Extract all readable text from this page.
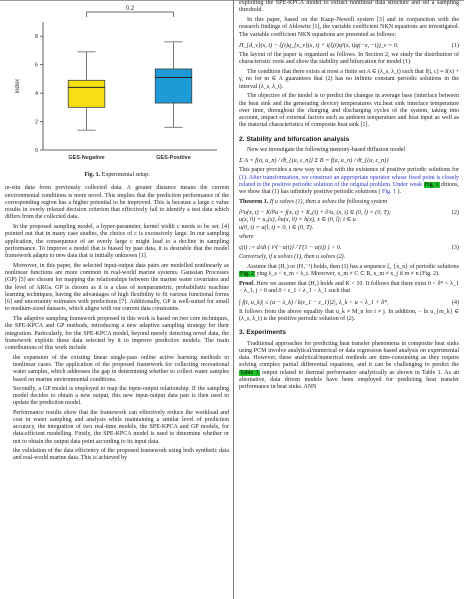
0
2
4
6
8
index
GES-Negative	GES-Positive
0.2
Fig. 1. Experimental setup.

in-situ data from previously collected data. A greater distance means the current environmental conditions is more novel. This implies that the prediction performance of the corresponding region has a higher potential to be improved. This is because a large c value results in overly relaxed decision criterion that effectively fail to identify a test data which differs from the collected data.

In the proposed sampling model, a hyper-parameter, kernel width c needs to be set. [4] pointed out that in many case studies, the choice of c is excessively large. In our sampling application, the consequence of an overly large c might lead to a decline in sampling performance. To improve a model that is biased by past data, it is desirable that the model framework adapts to new data that is initially unknown [1].

Moreover, in this paper, the selected input-output data pairs are modelled nonlinearly as nonlinear functions are more common in real-world marine systems. Gaussian Processes (GP) [5] are chosen for mapping the relationships between the marine water covariates and the level of ARGs. GP is chosen as it is a class of nonparametric, probabilistic machine learning techniques, having the advantages of high flexibility to fit various functional forms [6] and uncertainty estimates with predictions [7]. Additionally, GP is well-suited for small to medium-sized datasets, which aligns with our current data constraints.

The adaptive sampling framework proposed in this work is based on two core techniques, the SPE-KPCA and GP methods, introducing a new adaptive sampling strategy for their integration. Particularly, for the SPE-KPCA model, beyond merely detecting novel data, the framework exploits these data selected by it to improve predictive models. The main contributions of this work include

• the expansion of the existing linear single-pass online active learning methods to nonlinear cases. The application of the proposed framework for collecting recreational water samples, which addresses the gap in determining whether to collect water samples based on marine environmental conditions.
• Secondly, a GP model is employed to map the input-output relationship. If the sampling model decides to obtain a new output, this new input-output data pair is then used to update the prediction model.
• Performance results show that the framework can effectively reduce the workload and cost in water sampling and analysis while maintaining a similar level of prediction accuracy, the integration of two real-time models, the SPE-KPCA and GP models, for data-efficient modelling. Firstly, the SPE-KPCA model is used to determine whether or not to obtain the output data point according to its input data.
• the validation of the data efficiency of the proposed framework using both synthetic data and real-world marine data. This is achieved by

exploiting the SPE-KPCA model to extract nonlinear data structure and set a sampling threshold.

In this paper, based on the Kaup–Newell system [3] and in conjunction with the research findings of Ablowitz [1], the variable coefficient NKN equations are investigated. The variable coefficient NKN equations are presented as follows:

Π_{d_v}(x, t) − ξ(t)q_{x_v}(x, t) + i(ξ(t)q²(x, t)q(−x, −t))_v = 0.	(1)

The layout of the paper is organized as follows. In Section 2, we study the distribution of characteristic roots and show the stability and bifurcation for model (1).

The condition that there exists at most a finite set A ∈ (λ_s, λ_t) such that f(t, c) ≡ f(x) + γ, no for m ∈ A guarantees that (2) has no infinite constant periodic solutions in the interval (λ_s, λ_t).

The objective of the model is to predict the changes in average base (interface between the heat sink and the generating device) temperatures viz.heat sink interface temperature over time, throughout the charging and discharging cycles of the system, taking into account, impact of external factors such as ambient temperature and heat input as well as the material characteristics of composite heat sink [1].

2. Stability and bifurcation analysis

Now we investigate the following memory-based diffusion model

Σ A = f(a, u_n) / ϑt_{(a, ε_n)} Σ B = f(a, u_n) / ϑt_{(a, ε_n)}

This paper provides a new way to deal with the existence of positive periodic solutions for (1). After transformation, we construct an appropriate operator whose fixed point is closely related to the positive periodic solution of the original problem. Under weak Fig. 1 ditions, we show that (1) has infinitely positive periodic solutions ( Fig. 1 ).

Theorem 1. If u solves (1), then u solves the following system

∂²u(x, t) − Kϑ²u = f(x, t) + K₂(t) + ∂²u, (x, t) ∈ (0, l) × (0, T);
u(x, 0) = u₀(x), ∂u(x, 0) = h(x), x ∈ (0, l); t ∈ u
u(0, t) = u(l, t) = 0, t ∈ (0, T).
(2)

where

ς(t) := d/dt ( t^{−α(t)} / Γ(1 − α(t)) ) > 0.	(3)

Conversely, if u solves (1), then u solves (2).

Assume that (H₁) or (H₁⁻¹) holds, then (1) has a sequence ξ₁ {x_n} of periodic solutions Fig. 2 ying λ_s < x_m < λ_t. Moreover, x_m ≠ C ⊂ R, x_m ≠ x_j if m ≠ n (Fig. 2).

Proof. Here we assume that (H₁) holds and K < 10. It follows that there exist 0 < δ* < λ_1 − λ_1, j > 0 and 0 < ε_1 < λ_1 − λ_1 such that

∫ f(t, u_k)| ≤ (u − λ_k) / k(ε_1 − ε_1)|2|, λ_k < u < λ_1 + δ*,	(4)

It follows from the above equality that u_k ≠ M_n for i ≠ j. In addition, − ln u_{m_k} ∈ (λ_s, λ_t) is the positive periodic solution of (2).

3. Experiments

Traditional approaches for predicting heat transfer phenomena in composite heat sinks using PCM involve analytical/numerical or data regression based analysis on experimental data. However, these analytical/numerical methods are time-consuming as they require solving complex partial differential equations, and it can be challenging to predict the Table 1 output related to thermal performance analytically as shown in Table 1. As an alternative, data driven models have been employed for predicting heat transfer performance in heat sinks. ANN
